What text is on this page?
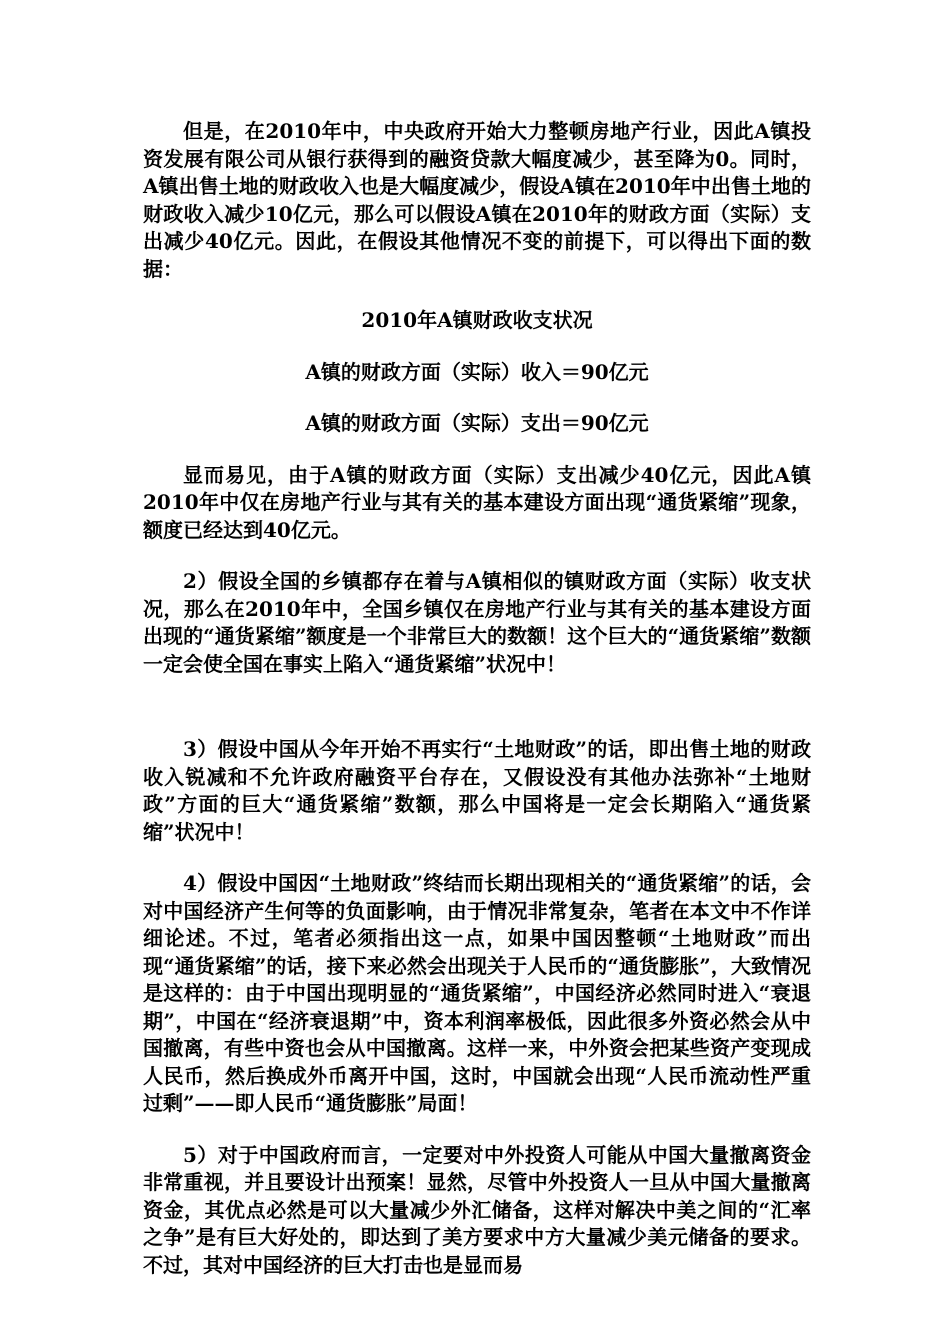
但是，在2010年中，中央政府开始大力整顿房地产行业，因此A镇投资发展有限公司从银行获得到的融资贷款大幅度减少，甚至降为0。同时，A镇出售土地的财政收入也是大幅度减少，假设A镇在2010年中出售土地的财政收入减少10亿元，那么可以假设A镇在2010年的财政方面（实际）支出减少40亿元。因此，在假设其他情况不变的前提下，可以得出下面的数据：

2010年A镇财政收支状况

A镇的财政方面（实际）收入＝90亿元

A镇的财政方面（实际）支出＝90亿元

显而易见，由于A镇的财政方面（实际）支出减少40亿元，因此A镇2010年中仅在房地产行业与其有关的基本建设方面出现“通货紧缩”现象，额度已经达到40亿元。

2）假设全国的乡镇都存在着与A镇相似的镇财政方面（实际）收支状况，那么在2010年中，全国乡镇仅在房地产行业与其有关的基本建设方面出现的“通货紧缩”额度是一个非常巨大的数额！这个巨大的“通货紧缩”数额一定会使全国在事实上陷入“通货紧缩”状况中！

3）假设中国从今年开始不再实行“土地财政”的话，即出售土地的财政收入锐减和不允许政府融资平台存在，又假设没有其他办法弥补“土地财政”方面的巨大“通货紧缩”数额，那么中国将是一定会长期陷入“通货紧缩”状况中！

4）假设中国因“土地财政”终结而长期出现相关的“通货紧缩”的话，会对中国经济产生何等的负面影响，由于情况非常复杂，笔者在本文中不作详细论述。不过，笔者必须指出这一点，如果中国因整顿“土地财政”而出现“通货紧缩”的话，接下来必然会出现关于人民币的“通货膨胀”，大致情况是这样的：由于中国出现明显的“通货紧缩”，中国经济必然同时进入“衰退期”，中国在“经济衰退期”中，资本利润率极低，因此很多外资必然会从中国撤离，有些中资也会从中国撤离。这样一来，中外资会把某些资产变现成人民币，然后换成外币离开中国，这时，中国就会出现“人民币流动性严重过剩”——即人民币“通货膨胀”局面！

5）对于中国政府而言，一定要对中外投资人可能从中国大量撤离资金非常重视，并且要设计出预案！显然，尽管中外投资人一旦从中国大量撤离资金，其优点必然是可以大量减少外汇储备，这样对解决中美之间的“汇率之争”是有巨大好处的，即达到了美方要求中方大量减少美元储备的要求。不过，其对中国经济的巨大打击也是显而易
